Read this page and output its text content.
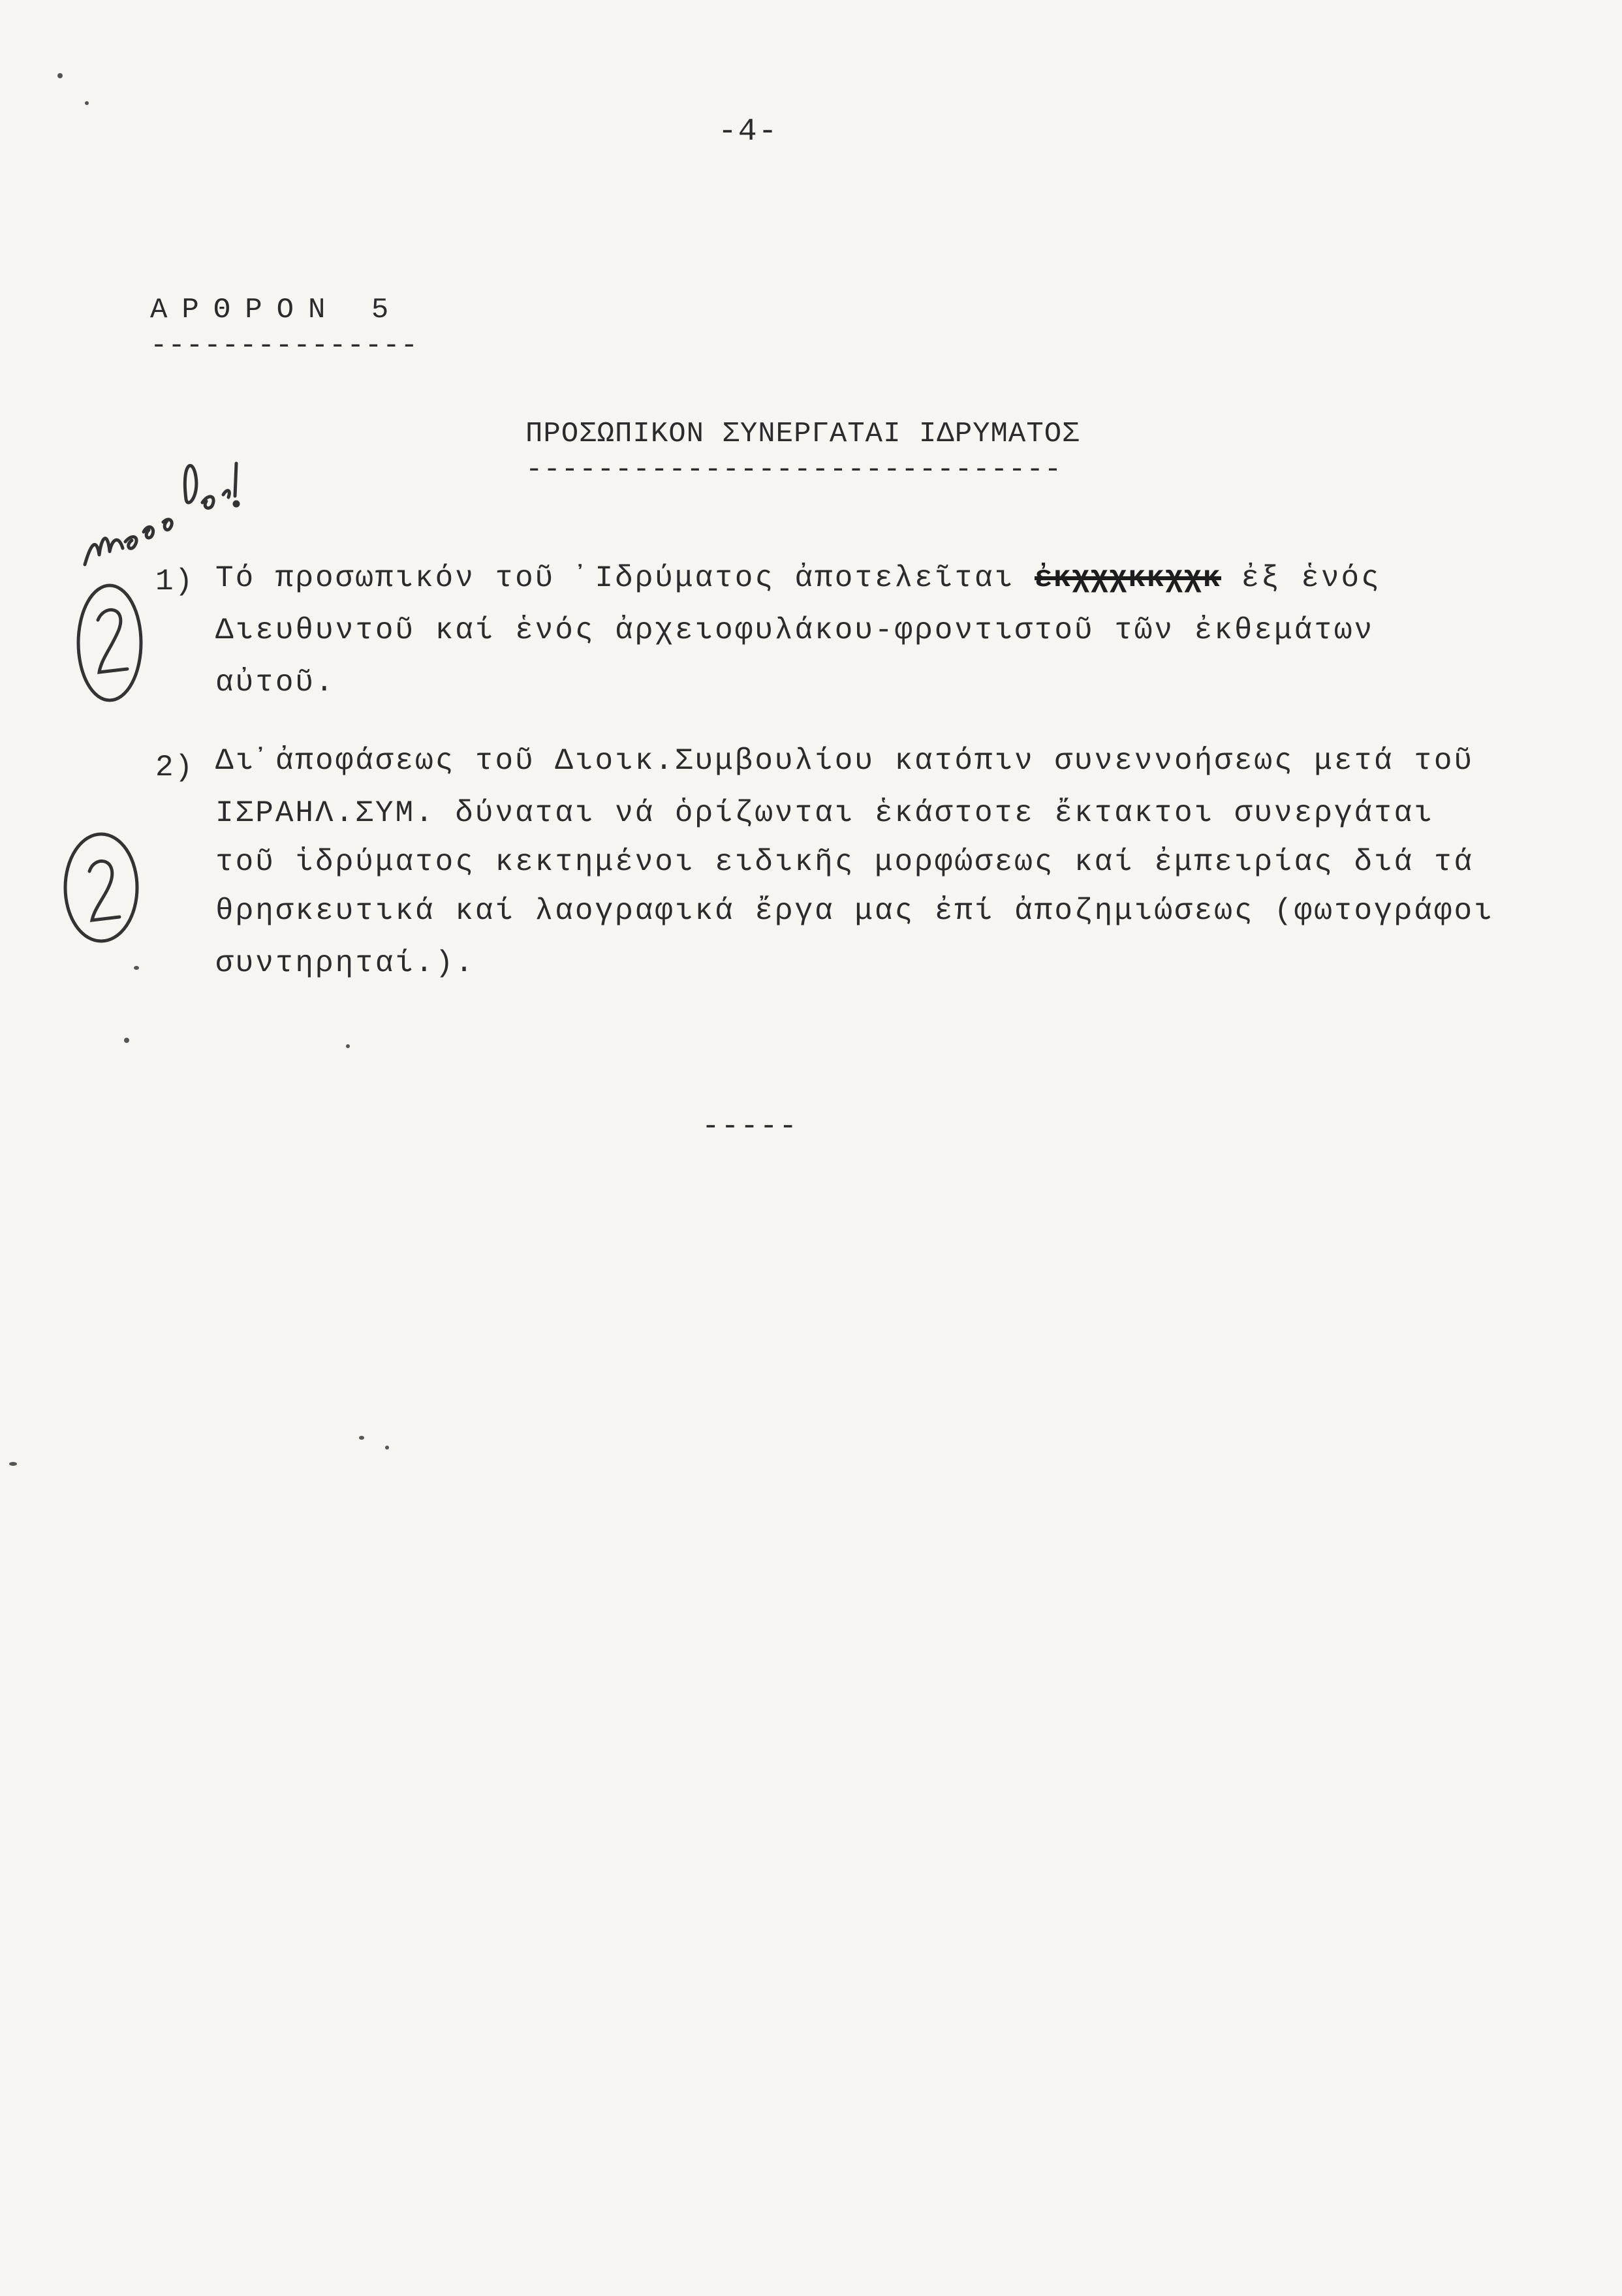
-4-
ΑΡΘΡΟΝ 5
---------------
ΠΡΟΣΩΠΙΚΟΝ ΣΥΝΕΡΓΑΤΑΙ ΙΔΡΥΜΑΤΟΣ
------------------------------
1) Τό προσωπικόν τοῦ ᾿Ιδρύματος ἀποτελεῖται ἐκχχχκκχχκ ἐξ ἑνός
Διευθυντοῦ καί ἑνός ἀρχειοφυλάκου-φροντιστοῦ τῶν ἐκθεμάτων
αὐτοῦ.
2) Δι᾿ἀποφάσεως τοῦ Διοικ.Συμβουλίου κατόπιν συνεννοήσεως μετά τοῦ
ΙΣΡΑΗΛ.ΣΥΜ. δύναται νά ὁρίζωνται ἑκάστοτε ἔκτακτοι συνεργάται
τοῦ ἱδρύματος κεκτημένοι ειδικῆς μορφώσεως καί ἐμπειρίας διά τά
θρησκευτικά καί λαογραφικά ἔργα μας ἐπί ἀποζημιώσεως (φωτογράφοι
συντηρηταί.).
-----
